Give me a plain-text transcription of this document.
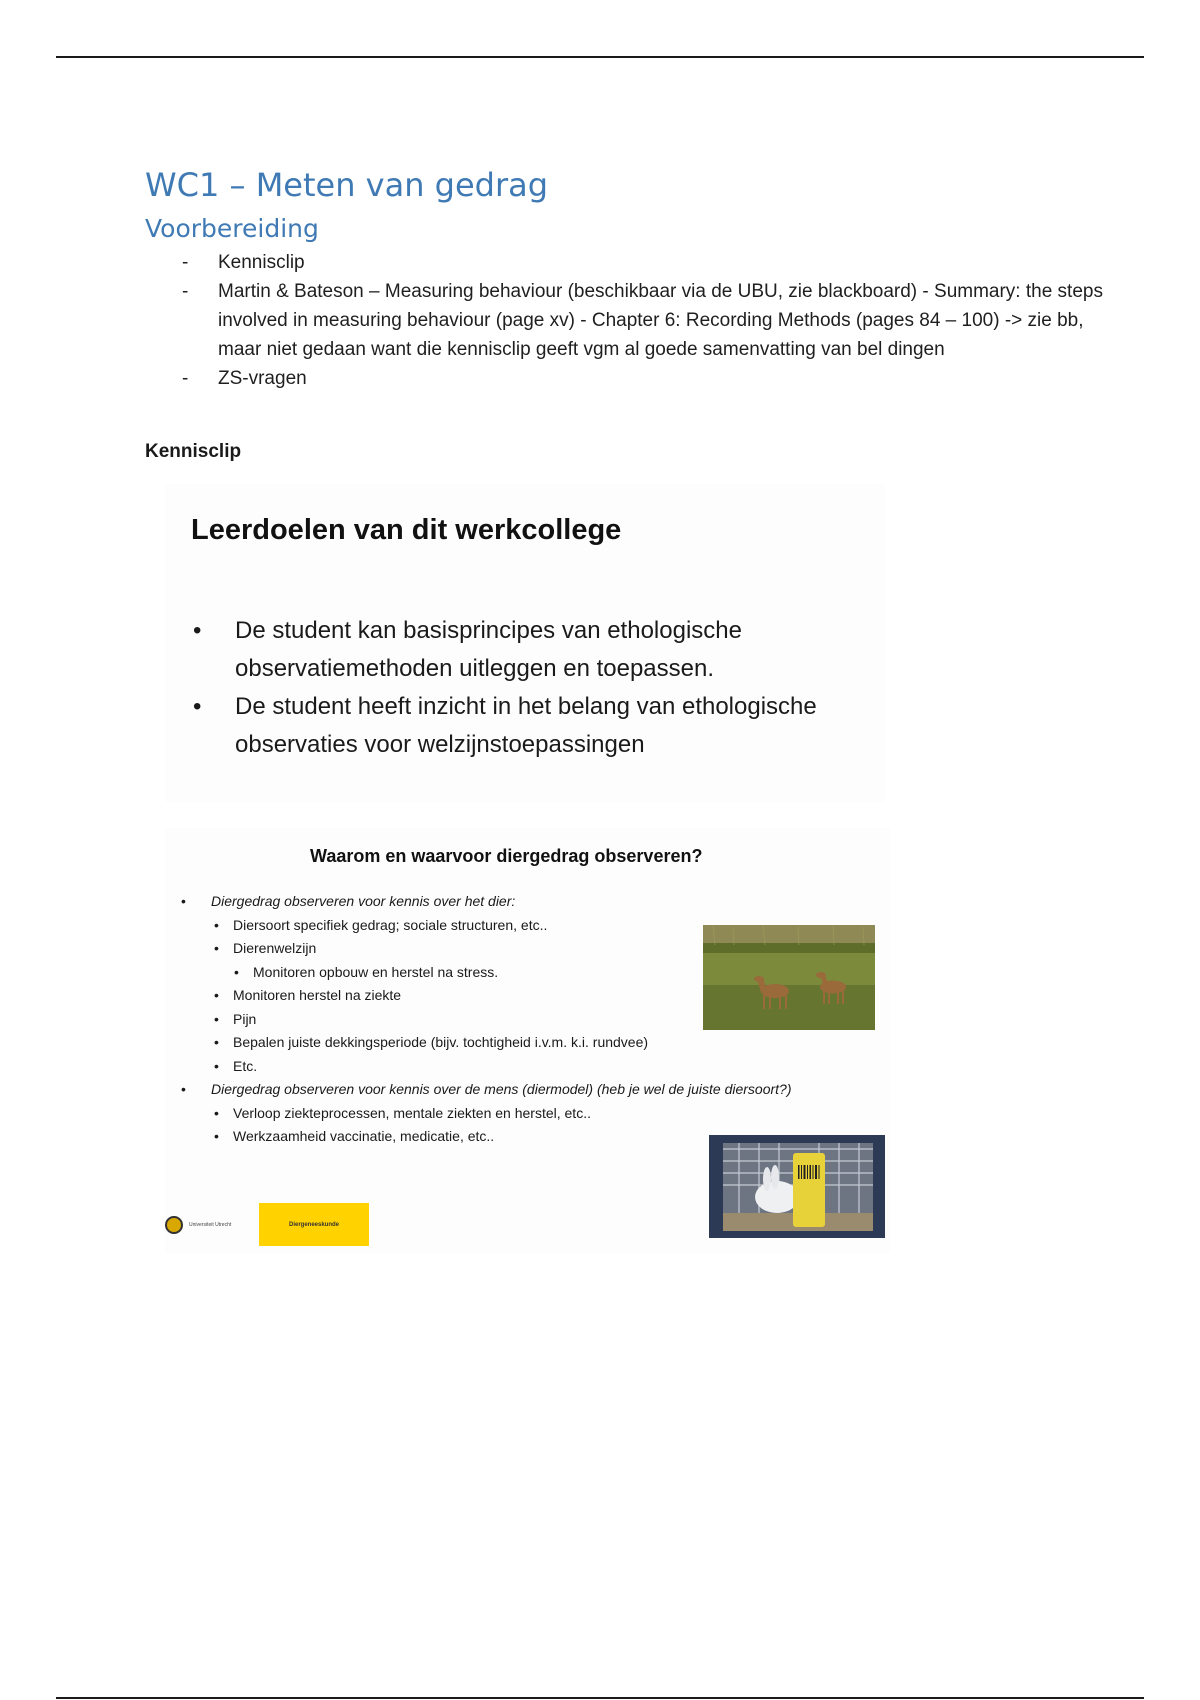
WC1 – Meten van gedrag
Voorbereiding
- Kennisclip
- Martin & Bateson – Measuring behaviour (beschikbaar via de UBU, zie blackboard) - Summary: the steps involved in measuring behaviour (page xv) - Chapter 6: Recording Methods (pages 84 – 100) -> zie bb, maar niet gedaan want die kennisclip geeft vgm al goede samenvatting van bel dingen
- ZS-vragen
Kennisclip
Leerdoelen van dit werkcollege
• De student kan basisprincipes van ethologische observatiemethoden uitleggen en toepassen.
• De student heeft inzicht in het belang van ethologische observaties voor welzijnstoepassingen
Waarom en waarvoor diergedrag observeren?
• Diergedrag observeren voor kennis over het dier:
• Diersoort specifiek gedrag; sociale structuren, etc..
• Dierenwelzijn
• Monitoren opbouw en herstel na stress.
• Monitoren herstel na ziekte
• Pijn
• Bepalen juiste dekkingsperiode (bijv. tochtigheid i.v.m. k.i. rundvee)
• Etc.
• Diergedrag observeren voor kennis over de mens (diermodel) (heb je wel de juiste diersoort?)
• Verloop ziekteprocessen, mentale ziekten en herstel, etc..
• Werkzaamheid vaccinatie, medicatie, etc..
Universiteit Utrecht	Diergeneeskunde
